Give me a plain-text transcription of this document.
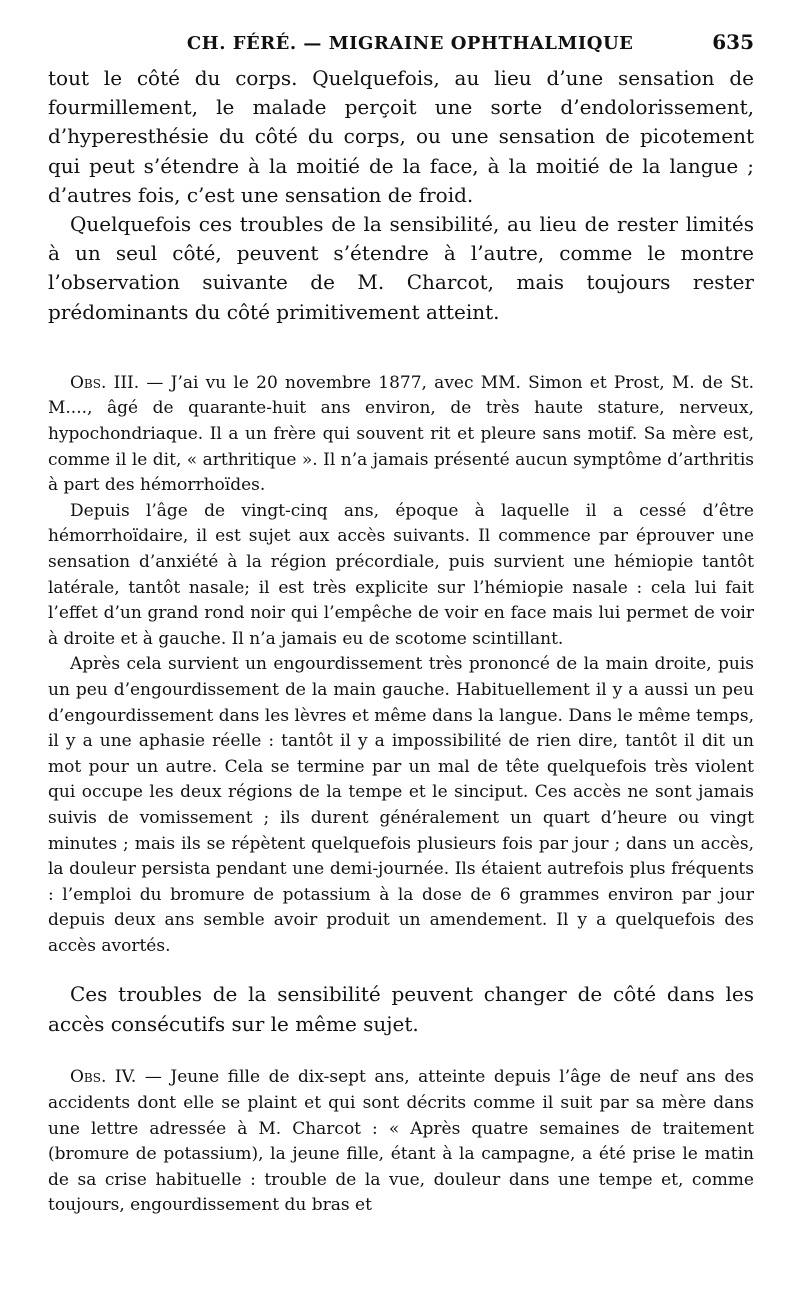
CH. FÉRÉ. — MIGRAINE OPHTHALMIQUE	635

tout le côté du corps. Quelquefois, au lieu d’une sensation de fourmillement, le malade perçoit une sorte d’endolorissement, d’hyperesthésie du côté du corps, ou une sensation de picotement qui peut s’étendre à la moitié de la face, à la moitié de la langue ; d’autres fois, c’est une sensation de froid.

Quelquefois ces troubles de la sensibilité, au lieu de rester limités à un seul côté, peuvent s’étendre à l’autre, comme le montre l’observation suivante de M. Charcot, mais toujours rester prédominants du côté primitivement atteint.

Obs. III. — J’ai vu le 20 novembre 1877, avec MM. Simon et Prost, M. de St. M...., âgé de quarante-huit ans environ, de très haute stature, nerveux, hypochondriaque. Il a un frère qui souvent rit et pleure sans motif. Sa mère est, comme il le dit, « arthritique ». Il n’a jamais présenté aucun symptôme d’arthritis à part des hémorrhoïdes.

Depuis l’âge de vingt-cinq ans, époque à laquelle il a cessé d’être hémorrhoïdaire, il est sujet aux accès suivants. Il commence par éprouver une sensation d’anxiété à la région précordiale, puis survient une hémiopie tantôt latérale, tantôt nasale; il est très explicite sur l’hémiopie nasale : cela lui fait l’effet d’un grand rond noir qui l’empêche de voir en face mais lui permet de voir à droite et à gauche. Il n’a jamais eu de scotome scintillant.

Après cela survient un engourdissement très prononcé de la main droite, puis un peu d’engourdissement de la main gauche. Habituellement il y a aussi un peu d’engourdissement dans les lèvres et même dans la langue. Dans le même temps, il y a une aphasie réelle : tantôt il y a impossibilité de rien dire, tantôt il dit un mot pour un autre. Cela se termine par un mal de tête quelquefois très violent qui occupe les deux régions de la tempe et le sinciput. Ces accès ne sont jamais suivis de vomissement ; ils durent généralement un quart d’heure ou vingt minutes ; mais ils se répètent quelquefois plusieurs fois par jour ; dans un accès, la douleur persista pendant une demi-journée. Ils étaient autrefois plus fréquents : l’emploi du bromure de potassium à la dose de 6 grammes environ par jour depuis deux ans semble avoir produit un amendement. Il y a quelquefois des accès avortés.

Ces troubles de la sensibilité peuvent changer de côté dans les accès consécutifs sur le même sujet.

Obs. IV. — Jeune fille de dix-sept ans, atteinte depuis l’âge de neuf ans des accidents dont elle se plaint et qui sont décrits comme il suit par sa mère dans une lettre adressée à M. Charcot : « Après quatre semaines de traitement (bromure de potassium), la jeune fille, étant à la campagne, a été prise le matin de sa crise habituelle : trouble de la vue, douleur dans une tempe et, comme toujours, engourdissement du bras et
